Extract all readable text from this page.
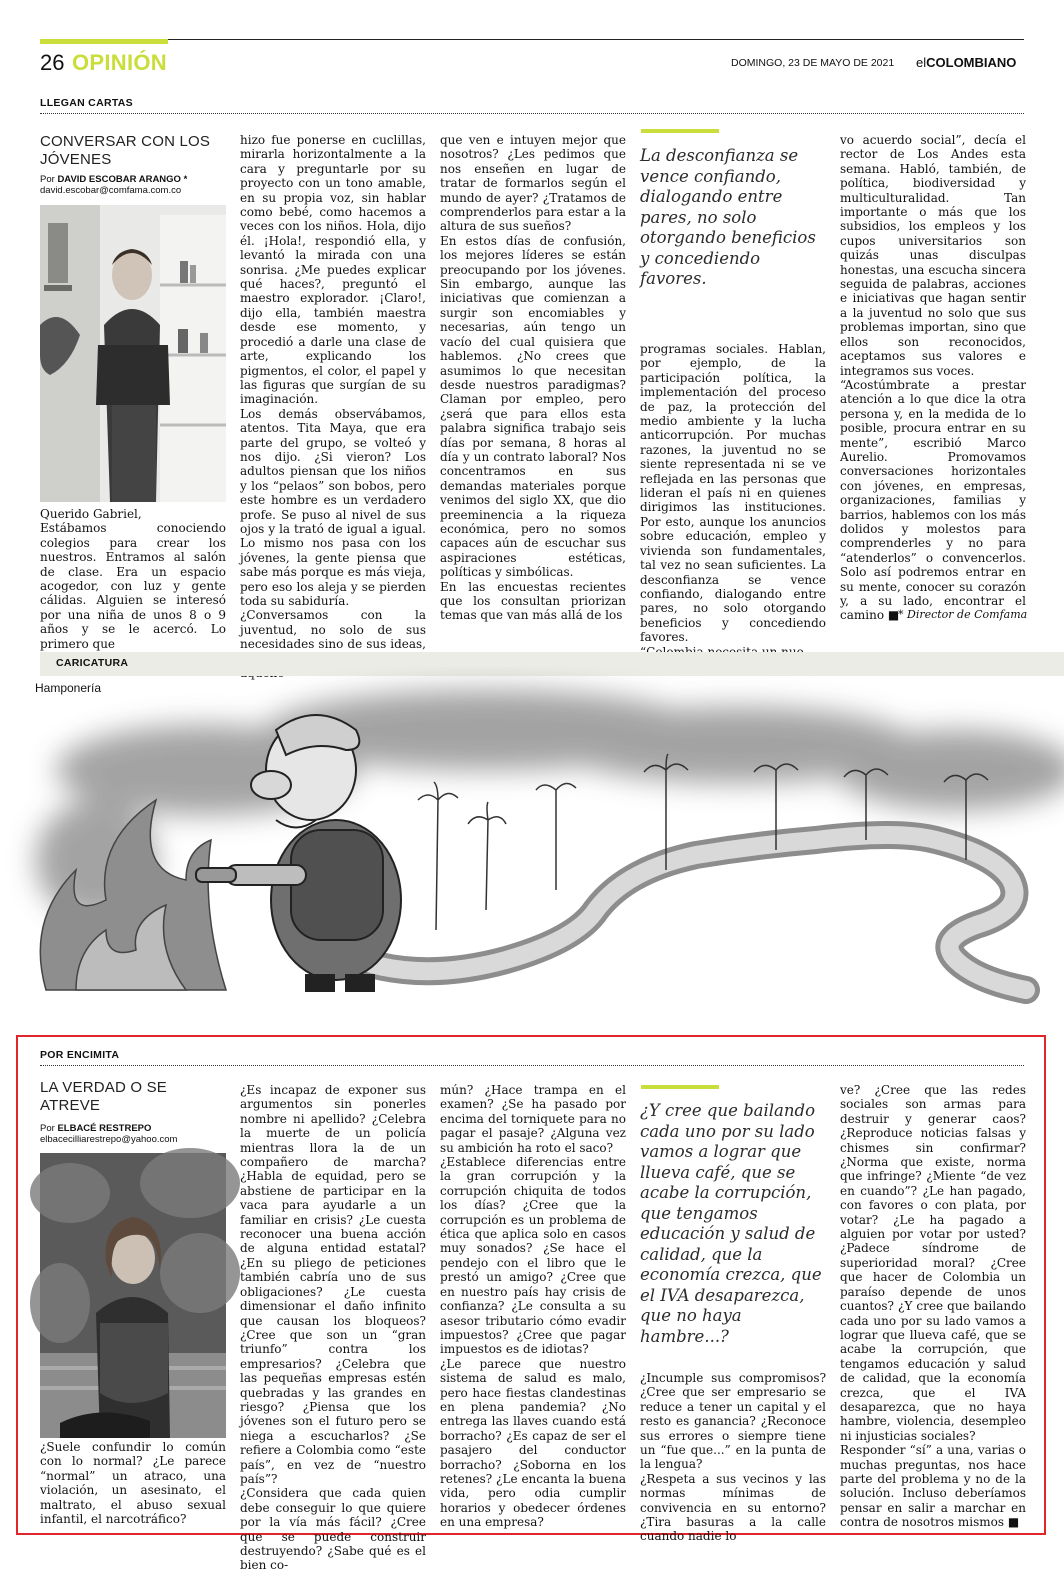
26 OPINIÓN	DOMINGO, 23 DE MAYO DE 2021 elCOLOMBIANO
LLEGAN CARTAS
CONVERSAR CON LOS JÓVENES
Por DAVID ESCOBAR ARANGO *
david.escobar@comfama.com.co

Querido Gabriel,
Estábamos conociendo colegios para crear los nuestros. Entramos al salón de clase. Era un espacio acogedor, con luz y gente cálidas. Alguien se interesó por una niña de unos 8 o 9 años y se le acercó. Lo primero que

hizo fue ponerse en cuclillas, mirarla horizontalmente a la cara y preguntarle por su proyecto con un tono amable, en su propia voz, sin hablar como bebé, como hacemos a veces con los niños. Hola, dijo él. ¡Hola!, respondió ella, y levantó la mirada con una sonrisa. ¿Me puedes explicar qué haces?, preguntó el maestro explorador. ¡Claro!, dijo ella, también maestra desde ese momento, y procedió a darle una clase de arte, explicando los pigmentos, el color, el papel y las figuras que surgían de su imaginación.
Los demás observábamos, atentos. Tita Maya, que era parte del grupo, se volteó y nos dijo. ¿Si vieron? Los adultos piensan que los niños y los “pelaos” son bobos, pero este hombre es un verdadero profe. Se puso al nivel de sus ojos y la trató de igual a igual. Lo mismo nos pasa con los jóvenes, la gente piensa que sabe más porque es más vieja, pero eso los aleja y se pierden toda su sabiduría.
¿Conversamos con la juventud, no solo de sus necesidades sino de sus ideas,

que ven e intuyen mejor que nosotros? ¿Les pedimos que nos enseñen en lugar de tratar de formarlos según el mundo de ayer? ¿Tratamos de comprenderlos para estar a la altura de sus sueños?
En estos días de confusión, los mejores líderes se están preocupando por los jóvenes. Sin embargo, aunque las iniciativas que comienzan a surgir son encomiables y necesarias, aún tengo un vacío del cual quisiera que hablemos. ¿No crees que asumimos lo que necesitan desde nuestros paradigmas? Claman por empleo, pero ¿será que para ellos esta palabra significa trabajo seis días por semana, 8 horas al día y un contrato laboral? Nos concentramos en sus demandas materiales porque venimos del siglo XX, que dio preeminencia a la riqueza económica, pero no somos capaces aún de escuchar sus aspiraciones estéticas, políticas y simbólicas.
En las encuestas recientes que los consultan priorizan temas que van más allá de los

La desconfianza se vence confiando, dialogando entre pares, no solo otorgando beneficios y concediendo favores.

programas sociales. Hablan, por ejemplo, de la participación política, la implementación del proceso de paz, la protección del medio ambiente y la lucha anticorrupción. Por muchas razones, la juventud no se siente representada ni se ve reflejada en las personas que lideran el país ni en quienes dirigimos las instituciones. Por esto, aunque los anuncios sobre educación, empleo y vivienda son fundamentales, tal vez no sean suficientes. La desconfianza se vence confiando, dialogando entre pares, no solo otorgando beneficios y concediendo favores.

vo acuerdo social”, decía el rector de Los Andes esta semana. Habló, también, de política, biodiversidad y multiculturalidad. Tan importante o más que los subsidios, los empleos y los cupos universitarios son quizás unas disculpas honestas, una escucha sincera seguida de palabras, acciones e iniciativas que hagan sentir a la juventud no solo que sus problemas importan, sino que ellos son reconocidos, aceptamos sus valores e integramos sus voces.
“Acostúmbrate a prestar atención a lo que dice la otra persona y, en la medida de lo posible, procura entrar en su mente”, escribió Marco Aurelio. Promovamos conversaciones horizontales con jóvenes, en empresas, organizaciones, familias y barrios, hablemos con los más dolidos y molestos para comprenderles y no para “atenderlos” o convencerlos. Solo así podremos entrar en su mente, conocer su corazón y, a su lado, encontrar el camino ■

* Director de Comfama
CARICATURA
Hamponería
POR ENCIMITA
LA VERDAD O SE ATREVE
Por ELBACÉ RESTREPO
elbacecilliarestrepo@yahoo.com

¿Suele confundir lo común con lo normal? ¿Le parece “normal” un atraco, una violación, un asesinato, el maltrato, el abuso sexual infantil, el narcotráfico?

¿Es incapaz de exponer sus argumentos sin ponerles nombre ni apellido? ¿Celebra la muerte de un policía mientras llora la de un compañero de marcha? ¿Habla de equidad, pero se abstiene de participar en la vaca para ayudarle a un familiar en crisis? ¿Le cuesta reconocer una buena acción de alguna entidad estatal? ¿En su pliego de peticiones también cabría uno de sus obligaciones? ¿Le cuesta dimensionar el daño infinito que causan los bloqueos? ¿Cree que son un “gran triunfo” contra los empresarios? ¿Celebra que las pequeñas empresas estén quebradas y las grandes en riesgo? ¿Piensa que los jóvenes son el futuro pero se niega a escucharlos? ¿Se refiere a Colombia como “este país”, en vez de “nuestro país”?
¿Considera que cada quien debe conseguir lo que quiere por la vía más fácil? ¿Cree que se puede construir destruyendo? ¿Sabe qué es el bien co-

mún? ¿Hace trampa en el examen? ¿Se ha pasado por encima del torniquete para no pagar el pasaje? ¿Alguna vez su ambición ha roto el saco?
¿Establece diferencias entre la gran corrupción y la corrupción chiquita de todos los días? ¿Cree que la corrupción es un problema de ética que aplica solo en casos muy sonados? ¿Se hace el pendejo con el libro que le prestó un amigo? ¿Cree que en nuestro país hay crisis de confianza? ¿Le consulta a su asesor tributario cómo evadir impuestos? ¿Cree que pagar impuestos es de idiotas?
¿Le parece que nuestro sistema de salud es malo, pero hace fiestas clandestinas en plena pandemia? ¿No entrega las llaves cuando está borracho? ¿Es capaz de ser el pasajero del conductor borracho? ¿Soborna en los retenes? ¿Le encanta la buena vida, pero odia cumplir horarios y obedecer órdenes en una empresa?

¿Y cree que bailando cada uno por su lado vamos a lograr que llueva café, que se acabe la corrupción, que tengamos educación y salud de calidad, que la economía crezca, que el IVA desaparezca, que no haya hambre...?

¿Incumple sus compromisos? ¿Cree que ser empresario se reduce a tener un capital y el resto es ganancia? ¿Reconoce sus errores o siempre tiene un “fue que...” en la punta de la lengua?
¿Respeta a sus vecinos y las normas mínimas de convivencia en su entorno? ¿Tira basuras a la calle cuando nadie lo

ve? ¿Cree que las redes sociales son armas para destruir y generar caos? ¿Reproduce noticias falsas y chismes sin confirmar? ¿Norma que existe, norma que infringe? ¿Miente “de vez en cuando”? ¿Le han pagado, con favores o con plata, por votar? ¿Le ha pagado a alguien por votar por usted? ¿Padece síndrome de superioridad moral? ¿Cree que hacer de Colombia un paraíso depende de unos cuantos? ¿Y cree que bailando cada uno por su lado vamos a lograr que llueva café, que se acabe la corrupción, que tengamos educación y salud de calidad, que la economía crezca, que el IVA desaparezca, que no haya hambre, violencia, desempleo ni injusticias sociales?
Responder “sí” a una, varias o muchas preguntas, nos hace parte del problema y no de la solución. Incluso deberíamos pensar en salir a marchar en contra de nosotros mismos ■
